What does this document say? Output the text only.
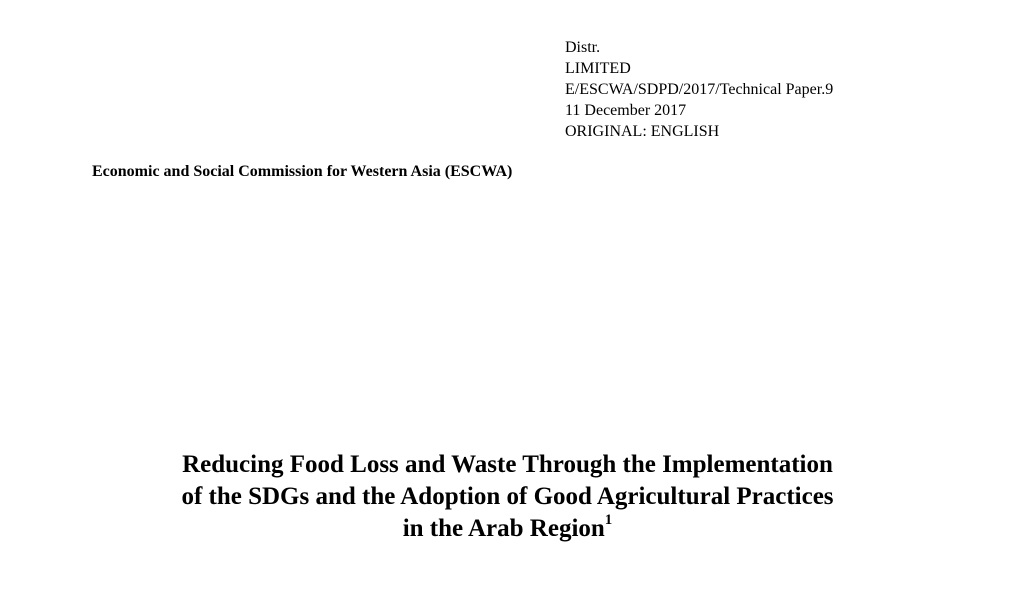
Distr.
LIMITED
E/ESCWA/SDPD/2017/Technical Paper.9
11 December 2017
ORIGINAL: ENGLISH
Economic and Social Commission for Western Asia (ESCWA)
Reducing Food Loss and Waste Through the Implementation
of the SDGs and the Adoption of Good Agricultural Practices
in the Arab Region$^1$
